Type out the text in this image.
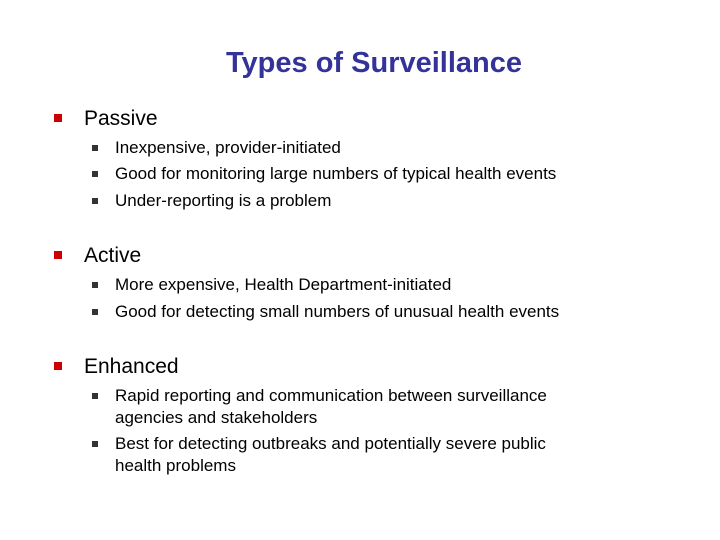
Types of Surveillance
Passive
Inexpensive, provider-initiated
Good for monitoring large numbers of typical health events
Under-reporting is a problem
Active
More expensive, Health Department-initiated
Good for detecting small numbers of unusual health events
Enhanced
Rapid reporting and communication between surveillance
agencies and stakeholders
Best for detecting outbreaks and potentially severe public
health problems
